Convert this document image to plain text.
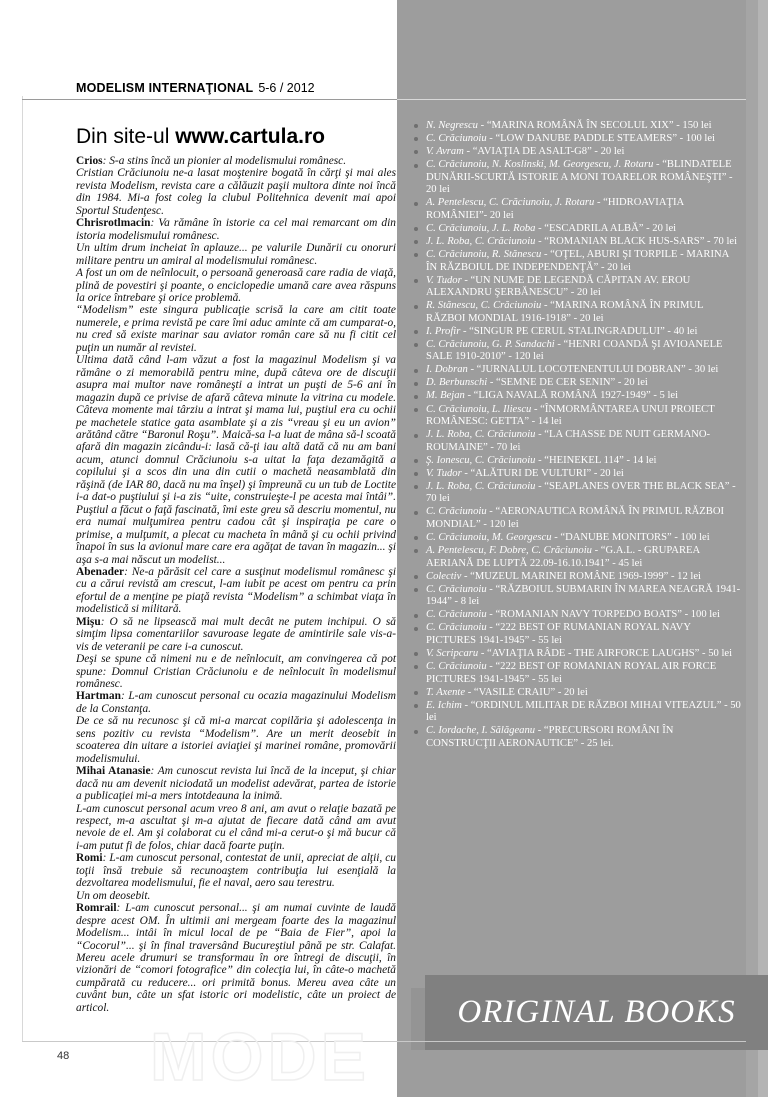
MODELISM INTERNAŢIONAL 5-6 / 2012
Din site-ul www.cartula.ro

Crios: S-a stins încă un pionier al modelismului românesc.

Cristian Crăciunoiu ne-a lasat moştenire bogată în cărţi şi mai ales revista Modelism, revista care a călăuzit paşii multora dinte noi încă din 1984. Mi-a fost coleg la clubul Politehnica devenit mai apoi Sportul Studenţesc.

Chrisrotlmacin: Va rămâne în istorie ca cel mai remarcant om din istoria modelismului românesc.

Un ultim drum incheiat în aplauze... pe valurile Dunării cu onoruri militare pentru un amiral al modelismului românesc.

A fost un om de neînlocuit, o persoană generoasă care radia de viaţă, plină de povestiri şi poante, o enciclopedie umană care avea răspuns la orice întrebare şi orice problemă.

“Modelism” este singura publicaţie scrisă la care am citit toate numerele, e prima revistă pe care îmi aduc aminte că am cumparat-o, nu cred să existe marinar sau aviator român care să nu fi citit cel puţin un număr al revistei.

Ultima dată când l-am văzut a fost la magazinul Modelism şi va rămâne o zi memorabilă pentru mine, după câteva ore de discuţii asupra mai multor nave româneşti a intrat un puşti de 5-6 ani în magazin după ce privise de afară câteva minute la vitrina cu modele. Câteva momente mai târziu a intrat şi mama lui, puştiul era cu ochii pe machetele statice gata asamblate şi a zis “vreau şi eu un avion” arătând către “Baronul Roşu”. Maică-sa l-a luat de mâna să-l scoată afară din magazin zicându-i: lasă că-ţi iau altă dată că nu am bani acum, atunci domnul Crăciunoiu s-a uitat la faţa dezamăgită a copilului şi a scos din una din cutii o machetă neasamblată din răşină (de IAR 80, dacă nu ma înşel) şi împreună cu un tub de Loctite i-a dat-o puştiului şi i-a zis “uite, construieşte-l pe acesta mai întâi”. Puştiul a făcut o faţă fascinată, îmi este greu să descriu momentul, nu era numai mulţumirea pentru cadou cât şi inspiraţia pe care o primise, a mulţumit, a plecat cu macheta în mână şi cu ochii privind înapoi în sus la avionul mare care era agăţat de tavan în magazin... şi aşa s-a mai născut un modelist...

Abenader: Ne-a părăsit cel care a susţinut modelismul românesc şi cu a cărui revistă am crescut, l-am iubit pe acest om pentru ca prin efortul de a menţine pe piaţă revista “Modelism” a schimbat viaţa în modelistică si militară.

Mişu: O să ne lipsească mai mult decât ne putem inchipui. O să simţim lipsa comentariilor savuroase legate de amintirile sale vis-a-vis de veteranii pe care i-a cunoscut.

Deşi se spune că nimeni nu e de neînlocuit, am convingerea că pot spune: Domnul Cristian Crăciunoiu e de neînlocuit în modelismul românesc.

Hartman: L-am cunoscut personal cu ocazia magazinului Modelism de la Constanţa.

De ce să nu recunosc şi că mi-a marcat copilăria şi adolescenţa in sens pozitiv cu revista “Modelism”. Are un merit deosebit in scoaterea din uitare a istoriei aviaţiei şi marinei române, promovării modelismului.

Mihai Atanasie: Am cunoscut revista lui încă de la inceput, şi chiar dacă nu am devenit niciodată un modelist adevărat, partea de istorie a publicaţiei mi-a mers intotdeauna la inimă.

L-am cunoscut personal acum vreo 8 ani, am avut o relaţie bazată pe respect, m-a ascultat şi m-a ajutat de fiecare dată când am avut nevoie de el. Am şi colaborat cu el când mi-a cerut-o şi mă bucur că i-am putut fi de folos, chiar dacă foarte puţin.

Romi: L-am cunoscut personal, contestat de unii, apreciat de alţii, cu toţii însă trebuie să recunoaştem contribuţia lui esenţială la dezvoltarea modelismului, fie el naval, aero sau terestru.

Un om deosebit.

Romrail: L-am cunoscut personal... şi am numai cuvinte de laudă despre acest OM. În ultimii ani mergeam foarte des la magazinul Modelism... intâi în micul local de pe “Baia de Fier”, apoi la “Cocorul”... şi în final traversând Bucureştiul până pe str. Calafat. Mereu acele drumuri se transformau în ore întregi de discuţii, în vizionări de “comori fotografice” din colecţia lui, în câte-o machetă cumpărată cu reducere... ori primită bonus. Mereu avea câte un cuvânt bun, câte un sfat istoric ori modelistic, câte un proiect de articol.

N. Negrescu - “MARINA ROMÂNĂ ÎN SECOLUL XIX” - 150 lei
C. Crăciunoiu - “LOW DANUBE PADDLE STEAMERS” - 100 lei
V. Avram - “AVIAŢIA DE ASALT-G8” - 20 lei
C. Crăciunoiu, N. Koslinski, M. Georgescu, J. Rotaru - “BLINDATELE DUNĂRII-SCURTĂ ISTORIE A MONI TOARELOR ROMÂNEŞTI” - 20 lei
A. Pentelescu, C. Crăciunoiu, J. Rotaru - “HIDROAVIAŢIA ROMÂNIEI”- 20 lei
C. Crăciunoiu, J. L. Roba - “ESCADRILA ALBĂ” - 20 lei
J. L. Roba, C. Crăciunoiu - “ROMANIAN BLACK HUS-SARS” - 70 lei
C. Crăciunoiu, R. Stănescu - “OŢEL, ABURI ŞI TORPILE - MARINA ÎN RĂZBOIUL DE INDEPENDENŢĂ” - 20 lei
V. Tudor - “UN NUME DE LEGENDĂ CĂPITAN AV. EROU ALEXANDRU ŞERBĂNESCU” - 20 lei
R. Stănescu, C. Crăciunoiu - “MARINA ROMÂNĂ ÎN PRIMUL RĂZBOI MONDIAL 1916-1918” - 20 lei
I. Profir - “SINGUR PE CERUL STALINGRADULUI” - 40 lei
C. Crăciunoiu, G. P. Sandachi - “HENRI COANDĂ ŞI AVIOANELE SALE 1910-2010” - 120 lei
I. Dobran - “JURNALUL LOCOTENENTULUI DOBRAN” - 30 lei
D. Berbunschi - “SEMNE DE CER SENIN” - 20 lei
M. Bejan - “LIGA NAVALĂ ROMÂNĂ 1927-1949” - 5 lei
C. Crăciunoiu, L. Iliescu - “ÎNMORMÂNTAREA UNUI PROIECT ROMÂNESC: GETTA” - 14 lei
J. L. Roba, C. Crăciunoiu - “LA CHASSE DE NUIT GERMANO-ROUMAINE” - 70 lei
Ş. Ionescu, C. Crăciunoiu - “HEINEKEL 114” - 14 lei
V. Tudor - “ALĂTURI DE VULTURI” - 20 lei
J. L. Roba, C. Crăciunoiu - “SEAPLANES OVER THE BLACK SEA” - 70 lei
C. Crăciunoiu - “AERONAUTICA ROMÂNĂ ÎN PRIMUL RĂZBOI MONDIAL” - 120 lei
C. Crăciunoiu, M. Georgescu - “DANUBE MONITORS” - 100 lei
A. Pentelescu, F. Dobre, C. Crăciunoiu - “G.A.L. - GRUPAREA AERIANĂ DE LUPTĂ 22.09-16.10.1941” - 45 lei
Colectiv - “MUZEUL MARINEI ROMÂNE 1969-1999” - 12 lei
C. Crăciunoiu - “RĂZBOIUL SUBMARIN ÎN MAREA NEAGRĂ 1941-1944” - 8 lei
C. Crăciunoiu - “ROMANIAN NAVY TORPEDO BOATS” - 100 lei
C. Crăciunoiu - “222 BEST OF RUMANIAN ROYAL NAVY PICTURES 1941-1945” - 55 lei
V. Scripcaru - “AVIAŢIA RÂDE - THE AIRFORCE LAUGHS” - 50 lei
C. Crăciunoiu - “222 BEST OF ROMANIAN ROYAL AIR FORCE PICTURES 1941-1945” - 55 lei
T. Axente - “VASILE CRAIU” - 20 lei
E. Ichim - “ORDINUL MILITAR DE RĂZBOI MIHAI VITEAZUL” - 50 lei
C. Iordache, I. Sălăgeanu - “PRECURSORI ROMÂNI ÎN CONSTRUCŢII AERONAUTICE” - 25 lei.
ORIGINAL BOOKS
48
